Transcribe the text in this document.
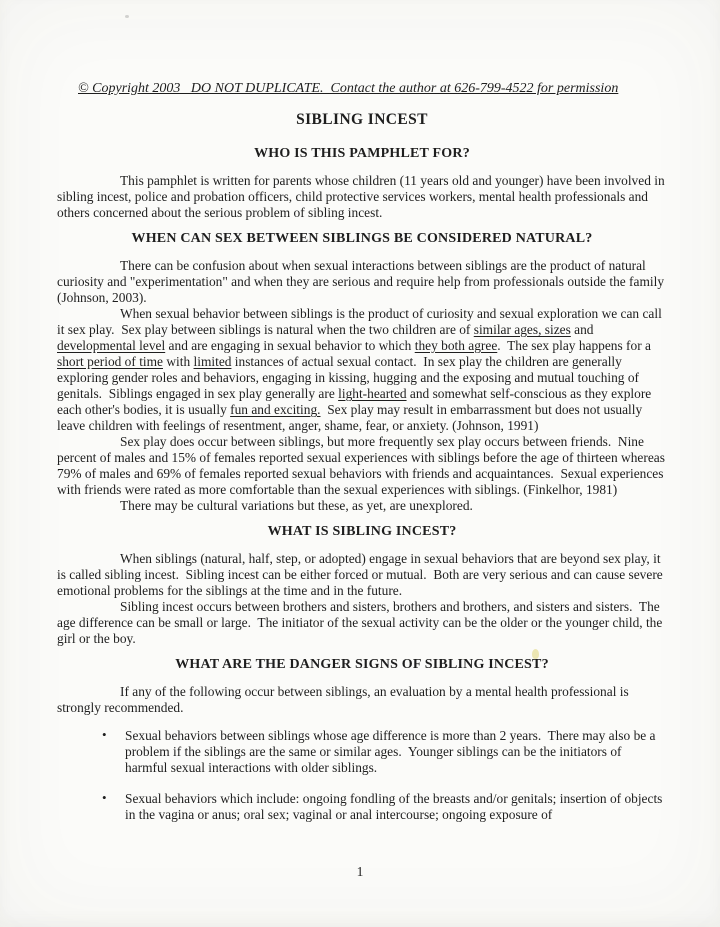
© Copyright 2003   DO NOT DUPLICATE.  Contact the author at 626-799-4522 for permission
SIBLING INCEST
WHO IS THIS PAMPHLET FOR?

This pamphlet is written for parents whose children (11 years old and younger) have been involved in sibling incest, police and probation officers, child protective services workers, mental health professionals and others concerned about the serious problem of sibling incest.

WHEN CAN SEX BETWEEN SIBLINGS BE CONSIDERED NATURAL?

There can be confusion about when sexual interactions between siblings are the product of natural curiosity and "experimentation" and when they are serious and require help from professionals outside the family (Johnson, 2003).

When sexual behavior between siblings is the product of curiosity and sexual exploration we can call it sex play.  Sex play between siblings is natural when the two children are of similar ages, sizes and developmental level and are engaging in sexual behavior to which they both agree.  The sex play happens for a short period of time with limited instances of actual sexual contact.  In sex play the children are generally exploring gender roles and behaviors, engaging in kissing, hugging and the exposing and mutual touching of genitals.  Siblings engaged in sex play generally are light-hearted and somewhat self-conscious as they explore each other's bodies, it is usually fun and exciting.  Sex play may result in embarrassment but does not usually leave children with feelings of resentment, anger, shame, fear, or anxiety. (Johnson, 1991)

Sex play does occur between siblings, but more frequently sex play occurs between friends.  Nine percent of males and 15% of females reported sexual experiences with siblings before the age of thirteen whereas 79% of males and 69% of females reported sexual behaviors with friends and acquaintances.  Sexual experiences with friends were rated as more comfortable than the sexual experiences with siblings. (Finkelhor, 1981)

There may be cultural variations but these, as yet, are unexplored.

WHAT IS SIBLING INCEST?

When siblings (natural, half, step, or adopted) engage in sexual behaviors that are beyond sex play, it is called sibling incest.  Sibling incest can be either forced or mutual.  Both are very serious and can cause severe emotional problems for the siblings at the time and in the future.

Sibling incest occurs between brothers and sisters, brothers and brothers, and sisters and sisters.  The age difference can be small or large.  The initiator of the sexual activity can be the older or the younger child, the girl or the boy.

WHAT ARE THE DANGER SIGNS OF SIBLING INCEST?

If any of the following occur between siblings, an evaluation by a mental health professional is strongly recommended.

• Sexual behaviors between siblings whose age difference is more than 2 years.  There may also be a problem if the siblings are the same or similar ages.  Younger siblings can be the initiators of harmful sexual interactions with older siblings.
• Sexual behaviors which include: ongoing fondling of the breasts and/or genitals; insertion of objects in the vagina or anus; oral sex; vaginal or anal intercourse; ongoing exposure of
1
